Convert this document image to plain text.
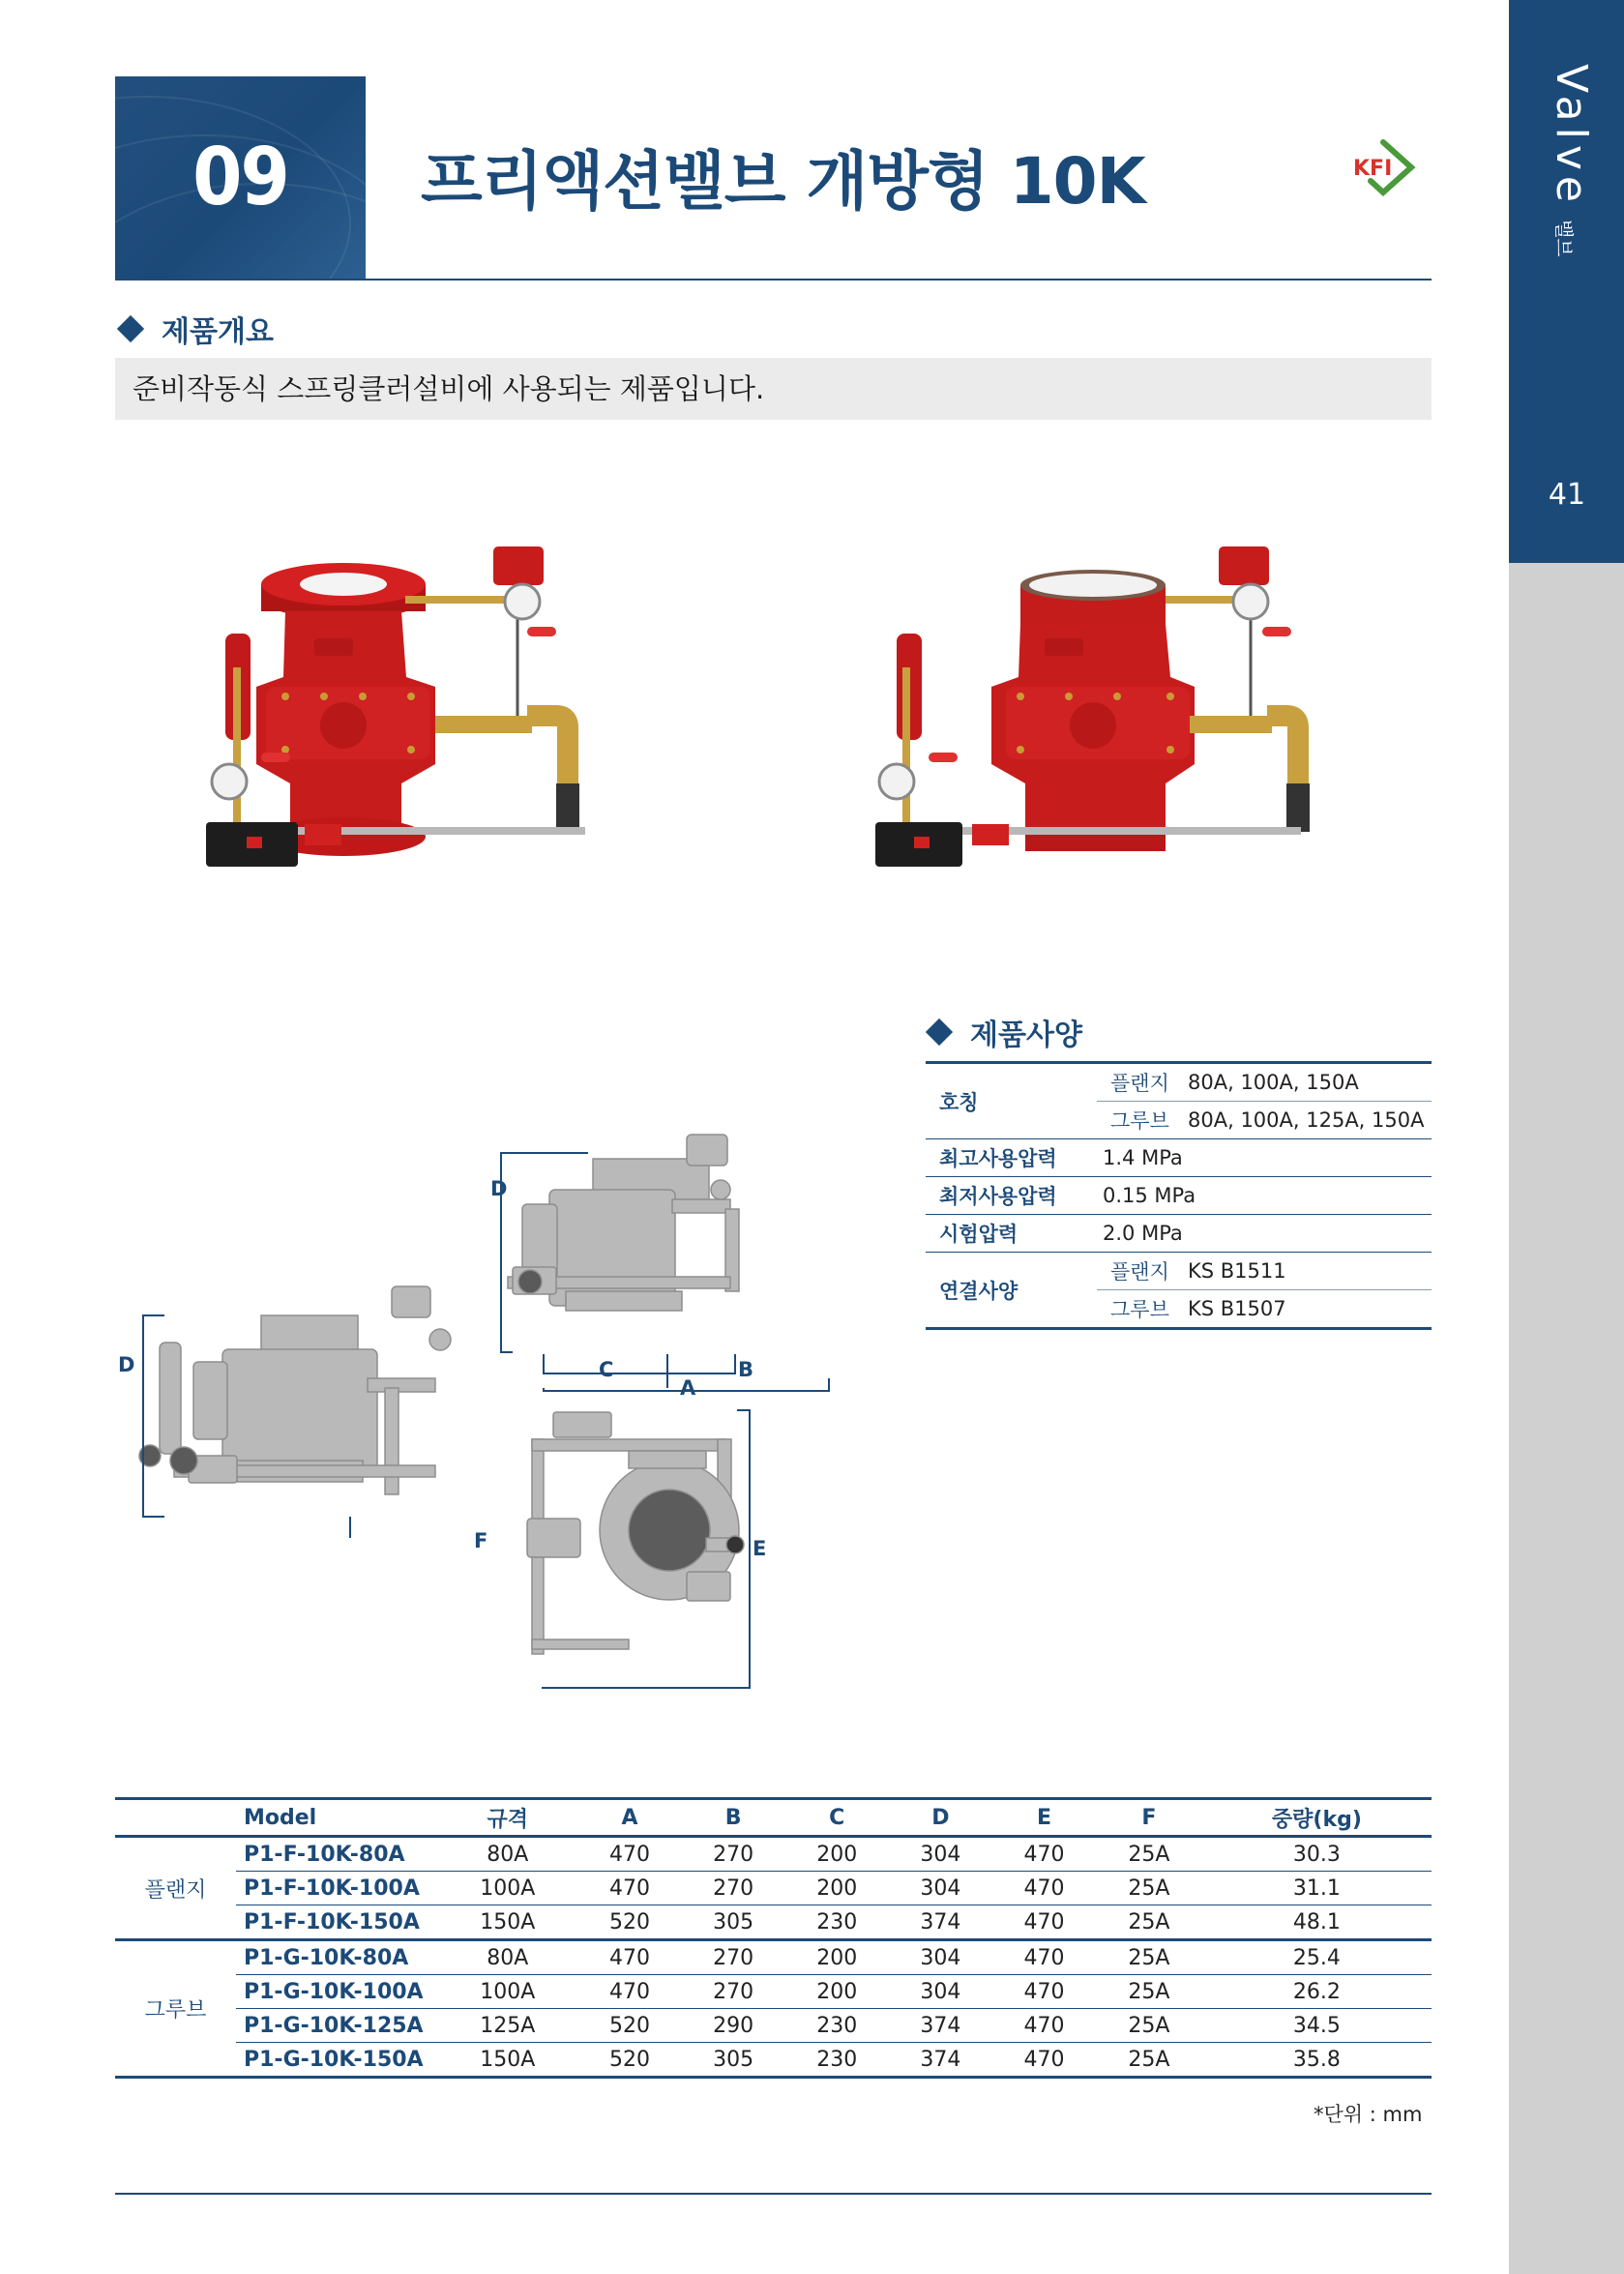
Valve밸브
41
09	프리액션밸브 개방형 10K	KFI
제품개요
준비작동식 스프링클러설비에 사용되는 제품입니다.
제품사양
호칭	플랜지	80A, 100A, 150A
	그루브	80A, 100A, 125A, 150A
최고사용압력	1.4 MPa	
최저사용압력	0.15 MPa	
시험압력	2.0 MPa	
연결사양	플랜지	KS B1511
	그루브	KS B1507
D
F
D
C	B
A
E
	Model	규격	A	B	C	D	E	F	중량(kg)
플랜지	P1-F-10K-80A	80A	470	270	200	304	470	25A	30.3
	P1-F-10K-100A	100A	470	270	200	304	470	25A	31.1
	P1-F-10K-150A	150A	520	305	230	374	470	25A	48.1
그루브	P1-G-10K-80A	80A	470	270	200	304	470	25A	25.4
	P1-G-10K-100A	100A	470	270	200	304	470	25A	26.2
	P1-G-10K-125A	125A	520	290	230	374	470	25A	34.5
	P1-G-10K-150A	150A	520	305	230	374	470	25A	35.8
*단위 : mm
